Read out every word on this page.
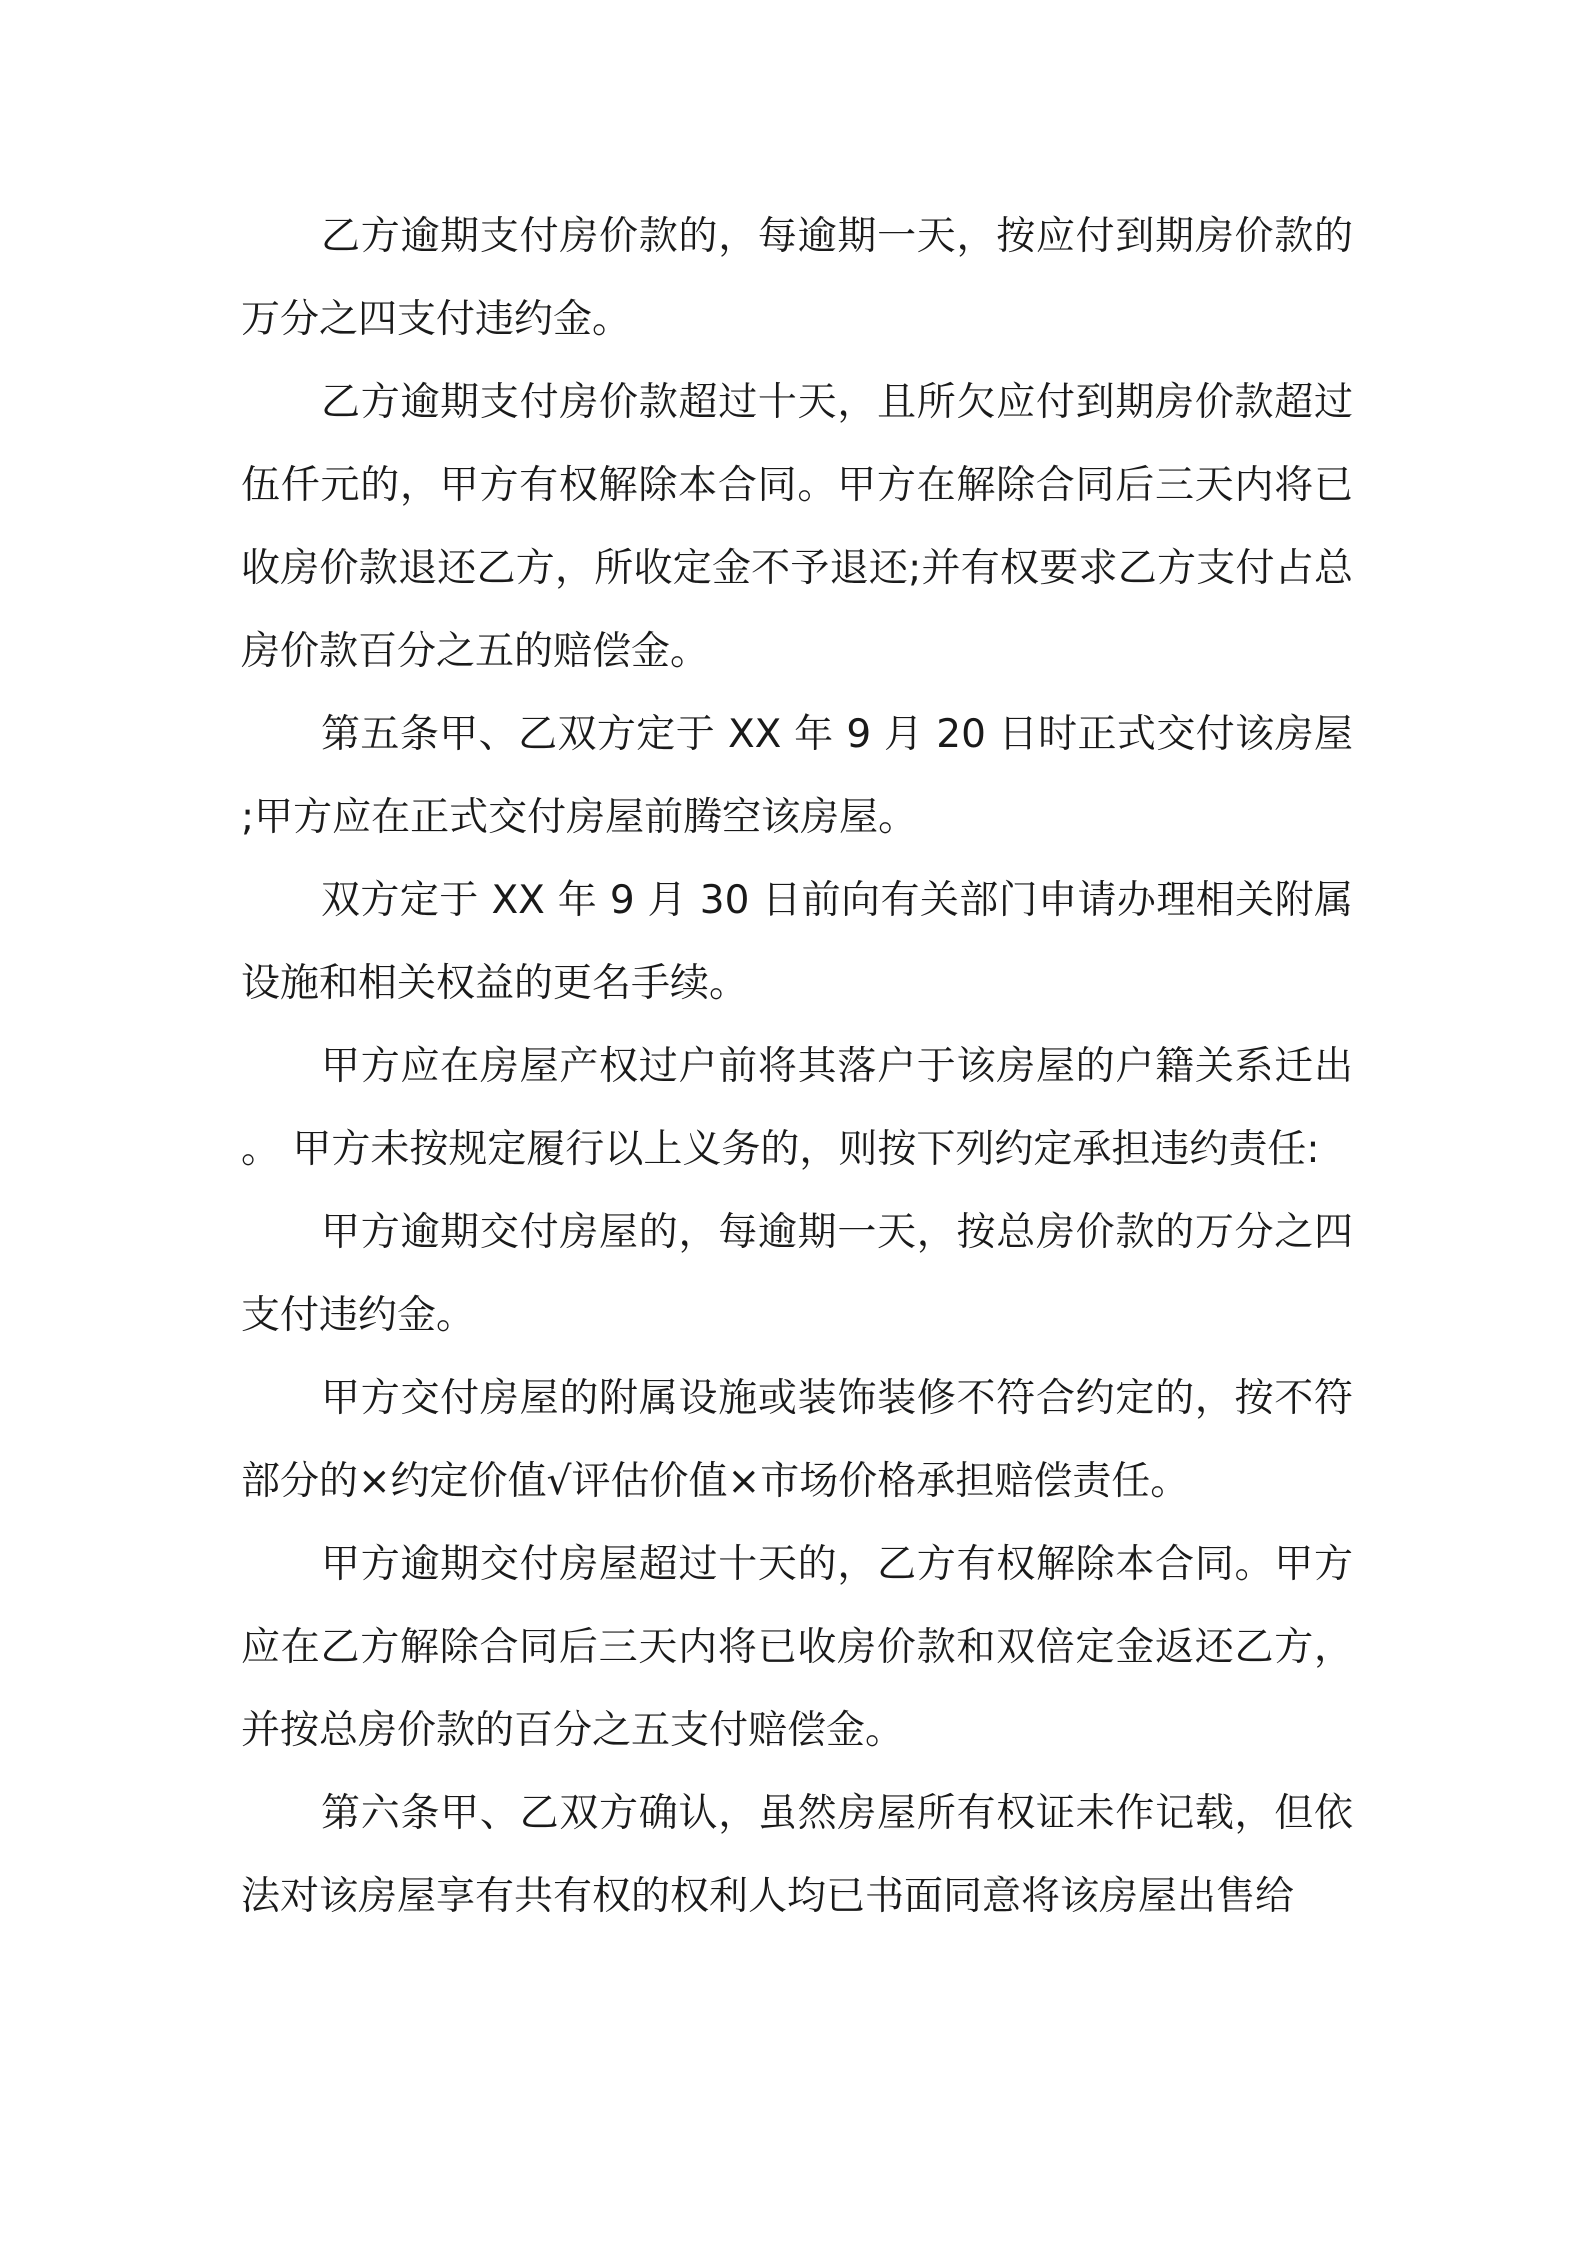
乙方逾期支付房价款的，每逾期一天，按应付到期房价款的万分之四支付违约金。

乙方逾期支付房价款超过十天，且所欠应付到期房价款超过伍仟元的，甲方有权解除本合同。甲方在解除合同后三天内将已收房价款退还乙方，所收定金不予退还;并有权要求乙方支付占总房价款百分之五的赔偿金。

第五条甲、乙双方定于 XX 年 9 月 20 日时正式交付该房屋;甲方应在正式交付房屋前腾空该房屋。

双方定于 XX 年 9 月 30 日前向有关部门申请办理相关附属设施和相关权益的更名手续。

甲方应在房屋产权过户前将其落户于该房屋的户籍关系迁出。 甲方未按规定履行以上义务的，则按下列约定承担违约责任:

甲方逾期交付房屋的，每逾期一天，按总房价款的万分之四支付违约金。

甲方交付房屋的附属设施或装饰装修不符合约定的，按不符部分的×约定价值√评估价值×市场价格承担赔偿责任。

甲方逾期交付房屋超过十天的，乙方有权解除本合同。甲方应在乙方解除合同后三天内将已收房价款和双倍定金返还乙方，并按总房价款的百分之五支付赔偿金。

第六条甲、乙双方确认，虽然房屋所有权证未作记载，但依法对该房屋享有共有权的权利人均已书面同意将该房屋出售给
